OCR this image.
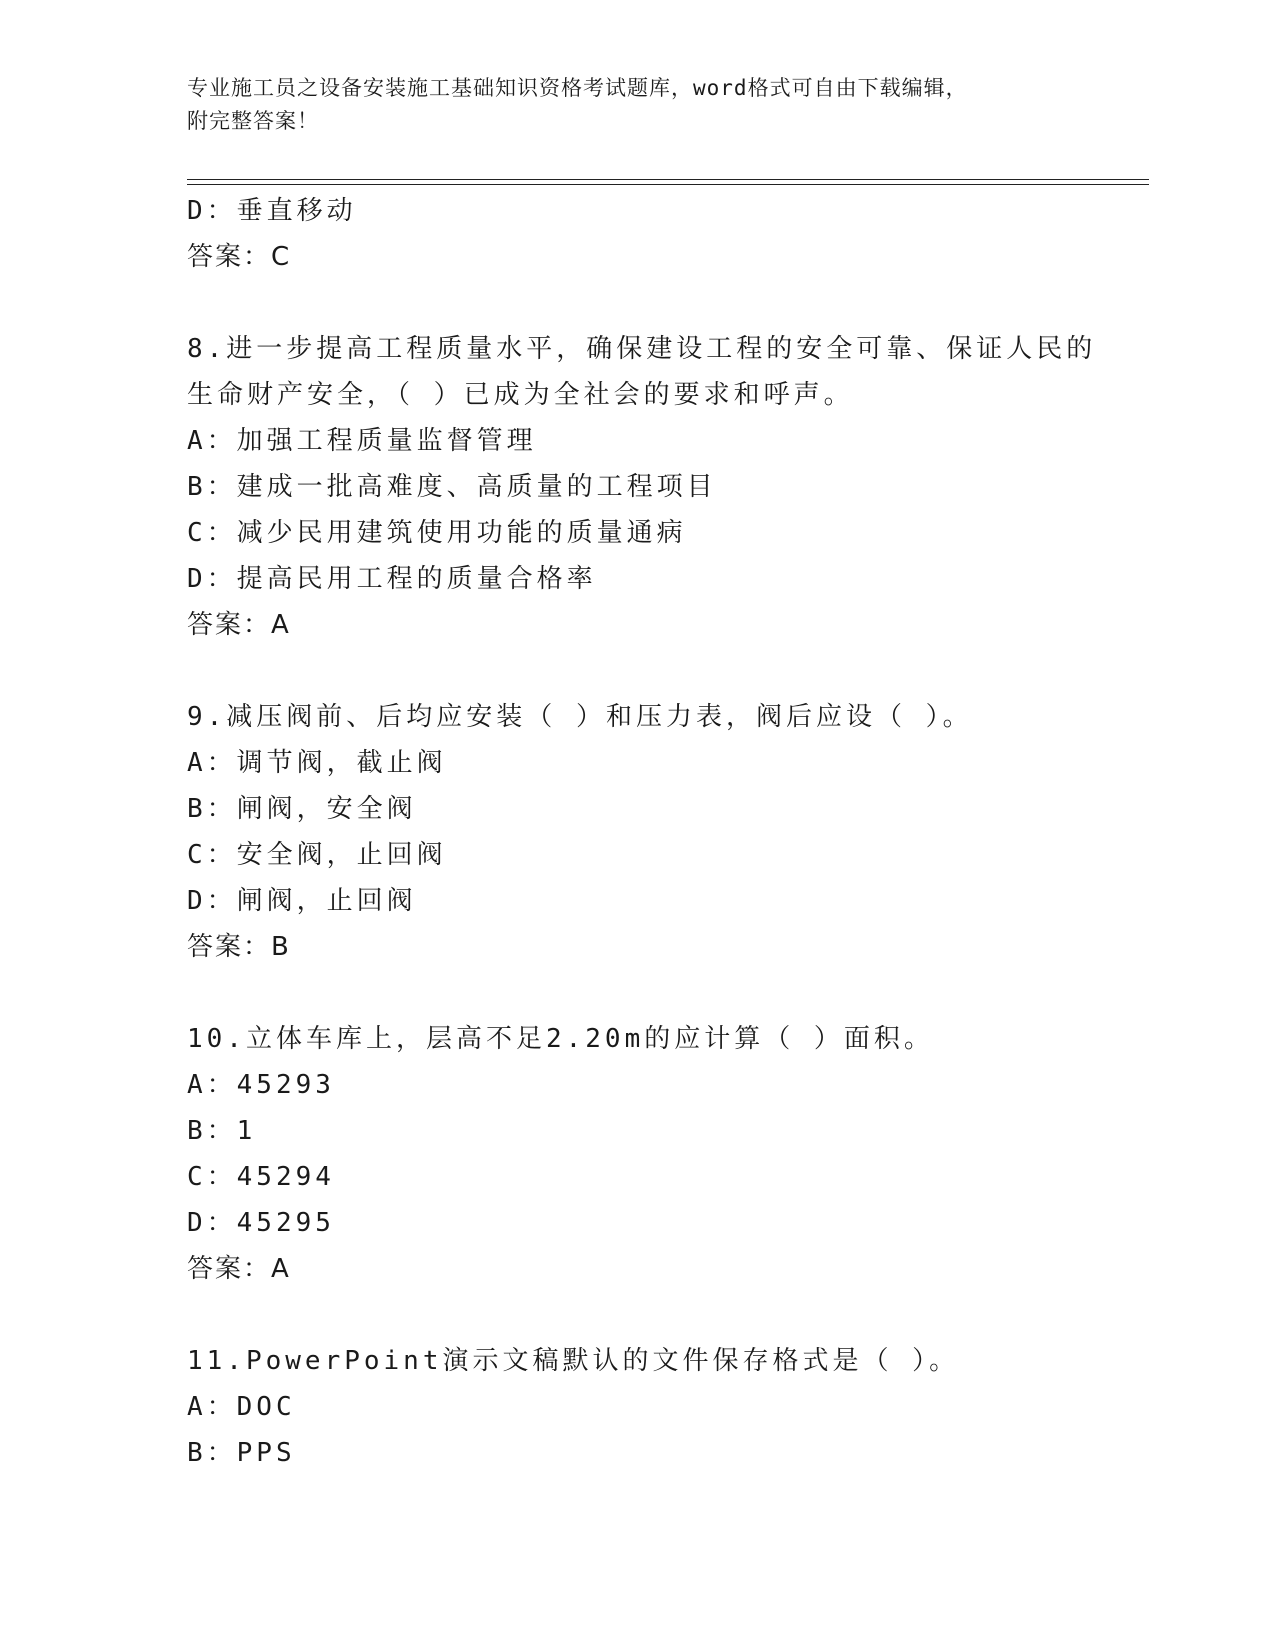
专业施工员之设备安装施工基础知识资格考试题库，word格式可自由下载编辑，
附完整答案！
D：垂直移动
答案：C
8.进一步提高工程质量水平，确保建设工程的安全可靠、保证人民的
生命财产安全，（ ）已成为全社会的要求和呼声。
A：加强工程质量监督管理
B：建成一批高难度、高质量的工程项目
C：减少民用建筑使用功能的质量通病
D：提高民用工程的质量合格率
答案：A
9.减压阀前、后均应安装（ ）和压力表，阀后应设（ ）。
A：调节阀，截止阀
B：闸阀，安全阀
C：安全阀，止回阀
D：闸阀，止回阀
答案：B
10.立体车库上，层高不足2.20m的应计算（ ）面积。
A：45293
B：1
C：45294
D：45295
答案：A
11.PowerPoint演示文稿默认的文件保存格式是（ ）。
A：DOC
B：PPS
